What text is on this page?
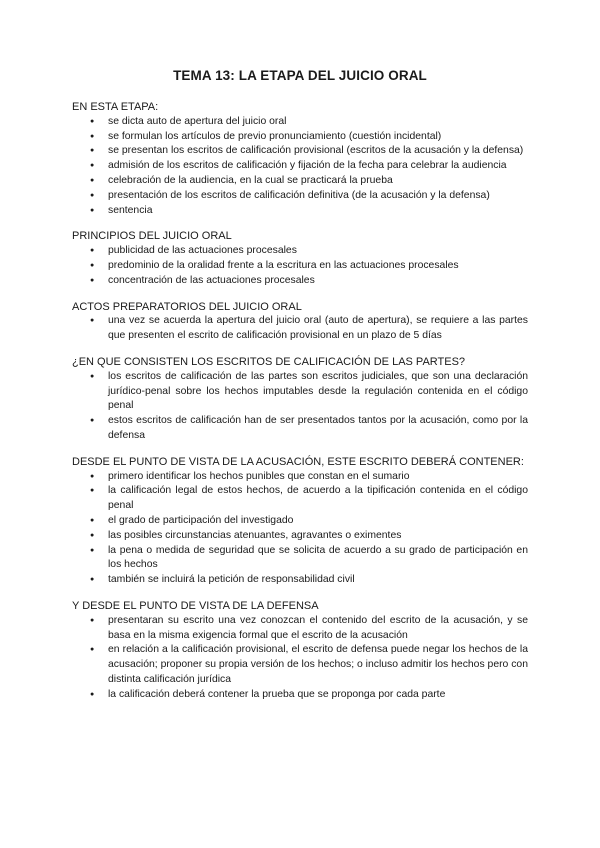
TEMA 13: LA ETAPA DEL JUICIO ORAL

EN ESTA ETAPA:

● se dicta auto de apertura del juicio oral
● se formulan los artículos de previo pronunciamiento (cuestión incidental)
● se presentan los escritos de calificación provisional (escritos de la acusación y la defensa)
● admisión de los escritos de calificación y fijación de la fecha para celebrar la audiencia
● celebración de la audiencia, en la cual se practicará la prueba
● presentación de los escritos de calificación definitiva (de la acusación y la defensa)
● sentencia

PRINCIPIOS DEL JUICIO ORAL

● publicidad de las actuaciones procesales
● predominio de la oralidad frente a la escritura en las actuaciones procesales
● concentración de las actuaciones procesales

ACTOS PREPARATORIOS DEL JUICIO ORAL

● una vez se acuerda la apertura del juicio oral (auto de apertura), se requiere a las partes que presenten el escrito de calificación provisional en un plazo de 5 días

¿EN QUE CONSISTEN LOS ESCRITOS DE CALIFICACIÓN DE LAS PARTES?

● los escritos de calificación de las partes son escritos judiciales, que son una declaración jurídico-penal sobre los hechos imputables desde la regulación contenida en el código penal
● estos escritos de calificación han de ser presentados tantos por la acusación, como por la defensa

DESDE EL PUNTO DE VISTA DE LA ACUSACIÓN, ESTE ESCRITO DEBERÁ CONTENER:

● primero identificar los hechos punibles que constan en el sumario
● la calificación legal de estos hechos, de acuerdo a la tipificación contenida en el código penal
● el grado de participación del investigado
● las posibles circunstancias atenuantes, agravantes o eximentes
● la pena o medida de seguridad que se solicita de acuerdo a su grado de participación en los hechos
● también se incluirá la petición de responsabilidad civil

Y DESDE EL PUNTO DE VISTA DE LA DEFENSA

● presentaran su escrito una vez conozcan el contenido del escrito de la acusación, y se basa en la misma exigencia formal que el escrito de la acusación
● en relación a la calificación provisional, el escrito de defensa puede negar los hechos de la acusación; proponer su propia versión de los hechos; o incluso admitir los hechos pero con distinta calificación jurídica
● la calificación deberá contener la prueba que se proponga por cada parte
